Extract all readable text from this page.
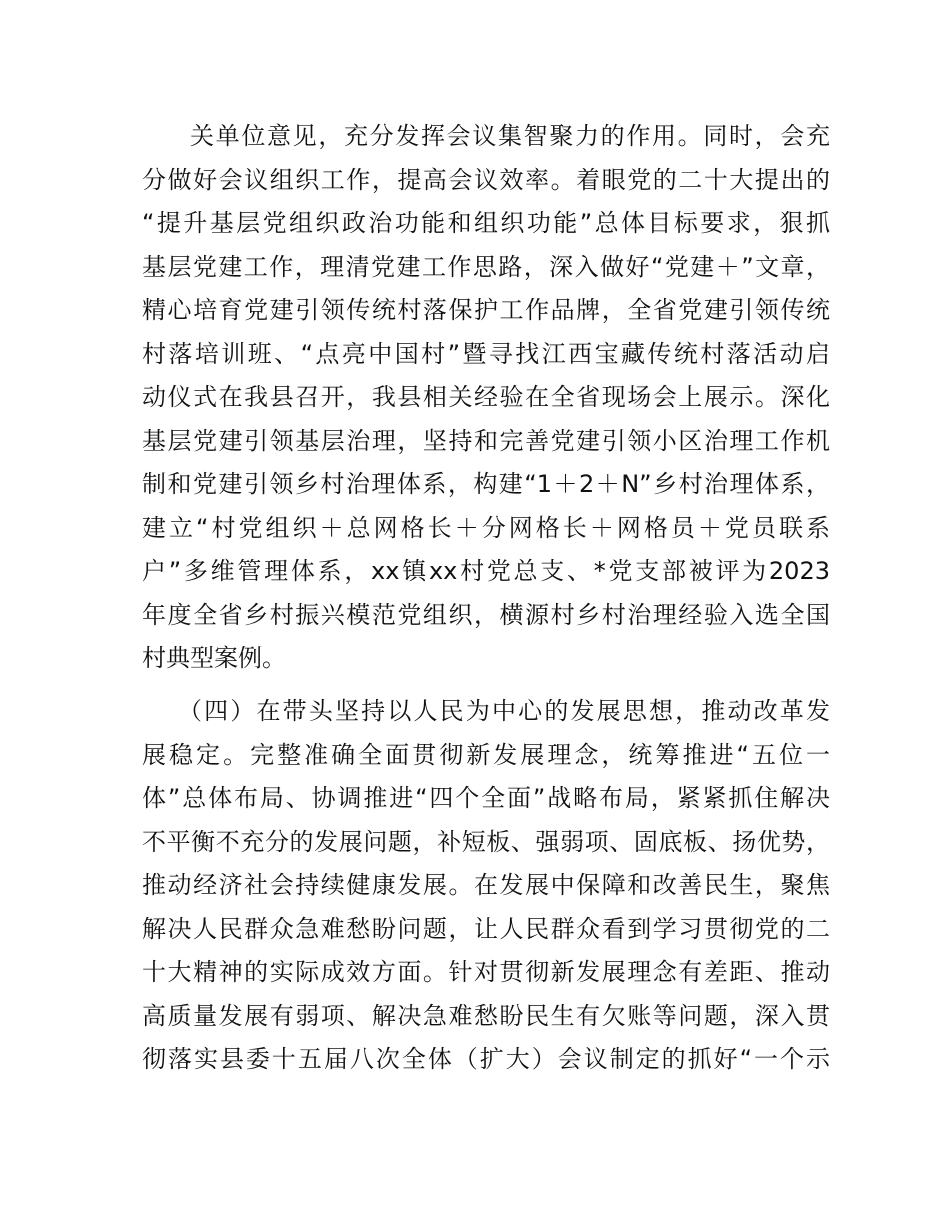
关单位意见，充分发挥会议集智聚力的作用。同时，会充
分做好会议组织工作，提高会议效率。着眼党的二十大提出的
“提升基层党组织政治功能和组织功能”总体目标要求，狠抓
基层党建工作，理清党建工作思路，深入做好“党建＋”文章，
精心培育党建引领传统村落保护工作品牌，全省党建引领传统
村落培训班、“点亮中国村”暨寻找江西宝藏传统村落活动启
动仪式在我县召开，我县相关经验在全省现场会上展示。深化
基层党建引领基层治理，坚持和完善党建引领小区治理工作机
制和党建引领乡村治理体系，构建“1＋2＋N”乡村治理体系，
建立“村党组织＋总网格长＋分网格长＋网格员＋党员联系
户”多维管理体系，xx镇xx村党总支、*党支部被评为2023
年度全省乡村振兴模范党组织，横源村乡村治理经验入选全国
村典型案例。
（四）在带头坚持以人民为中心的发展思想，推动改革发
展稳定。完整准确全面贯彻新发展理念，统筹推进“五位一
体”总体布局、协调推进“四个全面”战略布局，紧紧抓住解决
不平衡不充分的发展问题，补短板、强弱项、固底板、扬优势，
推动经济社会持续健康发展。在发展中保障和改善民生，聚焦
解决人民群众急难愁盼问题，让人民群众看到学习贯彻党的二
十大精神的实际成效方面。针对贯彻新发展理念有差距、推动
高质量发展有弱项、解决急难愁盼民生有欠账等问题，深入贯
彻落实县委十五届八次全体（扩大）会议制定的抓好“一个示
